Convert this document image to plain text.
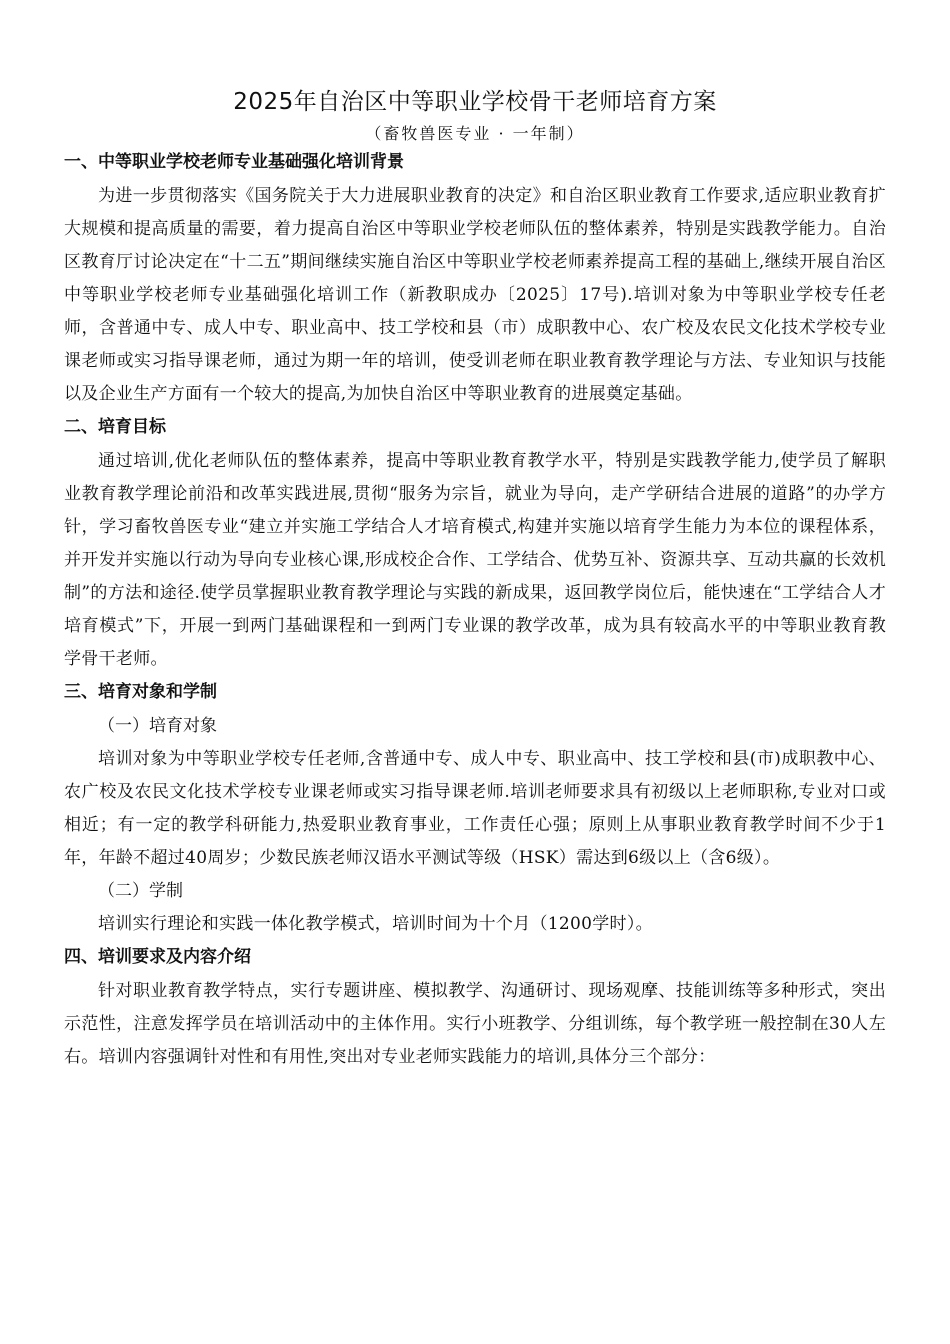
2025年自治区中等职业学校骨干老师培育方案
（畜牧兽医专业 · 一年制）
一、中等职业学校老师专业基础强化培训背景

为进一步贯彻落实《国务院关于大力进展职业教育的决定》和自治区职业教育工作要求,适应职业教育扩大规模和提高质量的需要，着力提高自治区中等职业学校老师队伍的整体素养，特别是实践教学能力。自治区教育厅讨论决定在“十二五”期间继续实施自治区中等职业学校老师素养提高工程的基础上,继续开展自治区中等职业学校老师专业基础强化培训工作（新教职成办〔2025〕17号).培训对象为中等职业学校专任老师，含普通中专、成人中专、职业高中、技工学校和县（市）成职教中心、农广校及农民文化技术学校专业课老师或实习指导课老师，通过为期一年的培训，使受训老师在职业教育教学理论与方法、专业知识与技能以及企业生产方面有一个较大的提高,为加快自治区中等职业教育的进展奠定基础。

二、培育目标

通过培训,优化老师队伍的整体素养，提高中等职业教育教学水平，特别是实践教学能力,使学员了解职业教育教学理论前沿和改革实践进展,贯彻“服务为宗旨，就业为导向，走产学研结合进展的道路”的办学方针，学习畜牧兽医专业“建立并实施工学结合人才培育模式,构建并实施以培育学生能力为本位的课程体系，并开发并实施以行动为导向专业核心课,形成校企合作、工学结合、优势互补、资源共享、互动共赢的长效机制”的方法和途径.使学员掌握职业教育教学理论与实践的新成果，返回教学岗位后，能快速在“工学结合人才培育模式”下，开展一到两门基础课程和一到两门专业课的教学改革，成为具有较高水平的中等职业教育教学骨干老师。

三、培育对象和学制
（一）培育对象

培训对象为中等职业学校专任老师,含普通中专、成人中专、职业高中、技工学校和县(市)成职教中心、农广校及农民文化技术学校专业课老师或实习指导课老师.培训老师要求具有初级以上老师职称,专业对口或相近；有一定的教学科研能力,热爱职业教育事业，工作责任心强；原则上从事职业教育教学时间不少于1年，年龄不超过40周岁；少数民族老师汉语水平测试等级（HSK）需达到6级以上（含6级）。

（二）学制

培训实行理论和实践一体化教学模式，培训时间为十个月（1200学时）。

四、培训要求及内容介绍

针对职业教育教学特点，实行专题讲座、模拟教学、沟通研讨、现场观摩、技能训练等多种形式，突出示范性，注意发挥学员在培训活动中的主体作用。实行小班教学、分组训练，每个教学班一般控制在30人左右。培训内容强调针对性和有用性,突出对专业老师实践能力的培训,具体分三个部分：
